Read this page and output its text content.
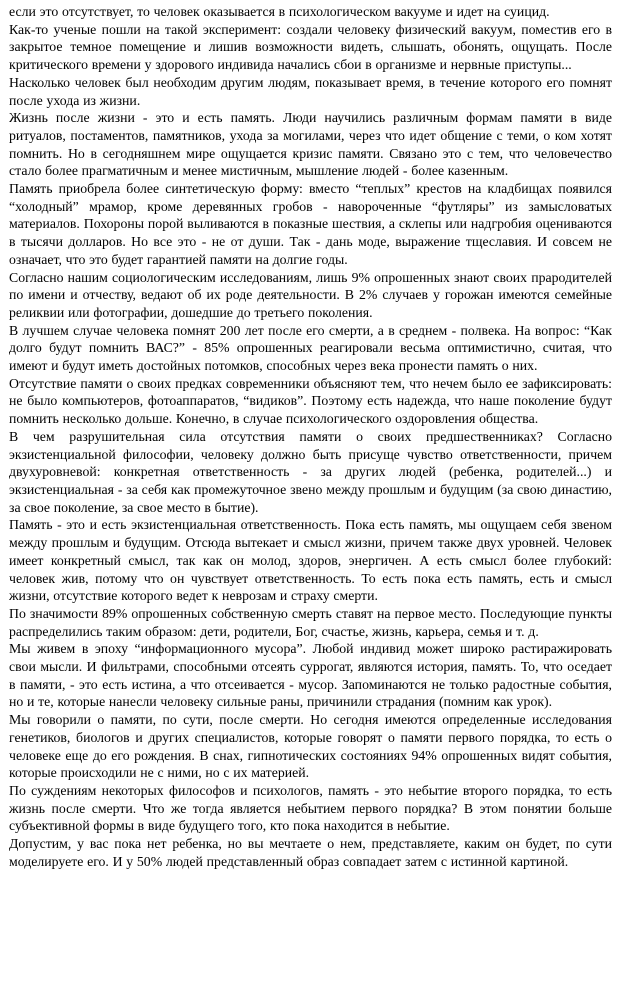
если это отсутствует, то человек оказывается в психологическом вакууме и идет на суицид.

Как-то ученые пошли на такой эксперимент: создали человеку физический вакуум, поместив его в закрытое темное помещение и лишив возможности видеть, слышать, обонять, ощущать. После критического времени у здорового индивида начались сбои в организме и нервные приступы...

Насколько человек был необходим другим людям, показывает время, в течение которого его помнят после ухода из жизни.

Жизнь после жизни - это и есть память. Люди научились различным формам памяти в виде ритуалов, постаментов, памятников, ухода за могилами, через что идет общение с теми, о ком хотят помнить. Но в сегодняшнем мире ощущается кризис памяти. Связано это с тем, что человечество стало более прагматичным и менее мистичным, мышление людей - более казенным.

Память приобрела более синтетическую форму: вместо “теплых” крестов на кладбищах появился “холодный” мрамор, кроме деревянных гробов - навороченные “футляры” из замысловатых материалов. Похороны порой выливаются в показные шествия, а склепы или надгробия оцениваются в тысячи долларов. Но все это - не от души. Так - дань моде, выражение тщеславия. И совсем не означает, что это будет гарантией памяти на долгие годы.

Согласно нашим социологическим исследованиям, лишь 9% опрошенных знают своих прародителей по имени и отчеству, ведают об их роде деятельности. В 2% случаев у горожан имеются семейные реликвии или фотографии, дошедшие до третьего поколения.

В лучшем случае человека помнят 200 лет после его смерти, а в среднем - полвека. На вопрос: “Как долго будут помнить ВАС?” - 85% опрошенных реагировали весьма оптимистично, считая, что имеют и будут иметь достойных потомков, способных через века пронести память о них.

Отсутствие памяти о своих предках современники объясняют тем, что нечем было ее зафиксировать: не было компьютеров, фотоаппаратов, “видиков”. Поэтому есть надежда, что наше поколение будут помнить несколько дольше. Конечно, в случае психологического оздоровления общества.

В чем разрушительная сила отсутствия памяти о своих предшественниках? Согласно экзистенциальной философии, человеку должно быть присуще чувство ответственности, причем двухуровневой: конкретная ответственность - за других людей (ребенка, родителей...) и экзистенциальная - за себя как промежуточное звено между прошлым и будущим (за свою династию, за свое поколение, за свое место в бытие).

Память - это и есть экзистенциальная ответственность. Пока есть память, мы ощущаем себя звеном между прошлым и будущим. Отсюда вытекает и смысл жизни, причем также двух уровней. Человек имеет конкретный смысл, так как он молод, здоров, энергичен. А есть смысл более глубокий: человек жив, потому что он чувствует ответственность. То есть пока есть память, есть и смысл жизни, отсутствие которого ведет к неврозам и страху смерти.

По значимости 89% опрошенных собственную смерть ставят на первое место. Последующие пункты распределились таким образом: дети, родители, Бог, счастье, жизнь, карьера, семья и т. д.

Мы живем в эпоху “информационного мусора”. Любой индивид может широко растиражировать свои мысли. И фильтрами, способными отсеять суррогат, являются история, память. То, что оседает в памяти, - это есть истина, а что отсеивается - мусор. Запоминаются не только радостные события, но и те, которые нанесли человеку сильные раны, причинили страдания (помним как урок).

Мы говорили о памяти, по сути, после смерти. Но сегодня имеются определенные исследования генетиков, биологов и других специалистов, которые говорят о памяти первого порядка, то есть о человеке еще до его рождения. В снах, гипнотических состояниях 94% опрошенных видят события, которые происходили не с ними, но с их материей.

По суждениям некоторых философов и психологов, память - это небытие второго порядка, то есть жизнь после смерти. Что же тогда является небытием первого порядка? В этом понятии больше субъективной формы в виде будущего того, кто пока находится в небытие.

Допустим, у вас пока нет ребенка, но вы мечтаете о нем, представляете, каким он будет, по сути моделируете его. И у 50% людей представленный образ совпадает затем с истинной картиной.
